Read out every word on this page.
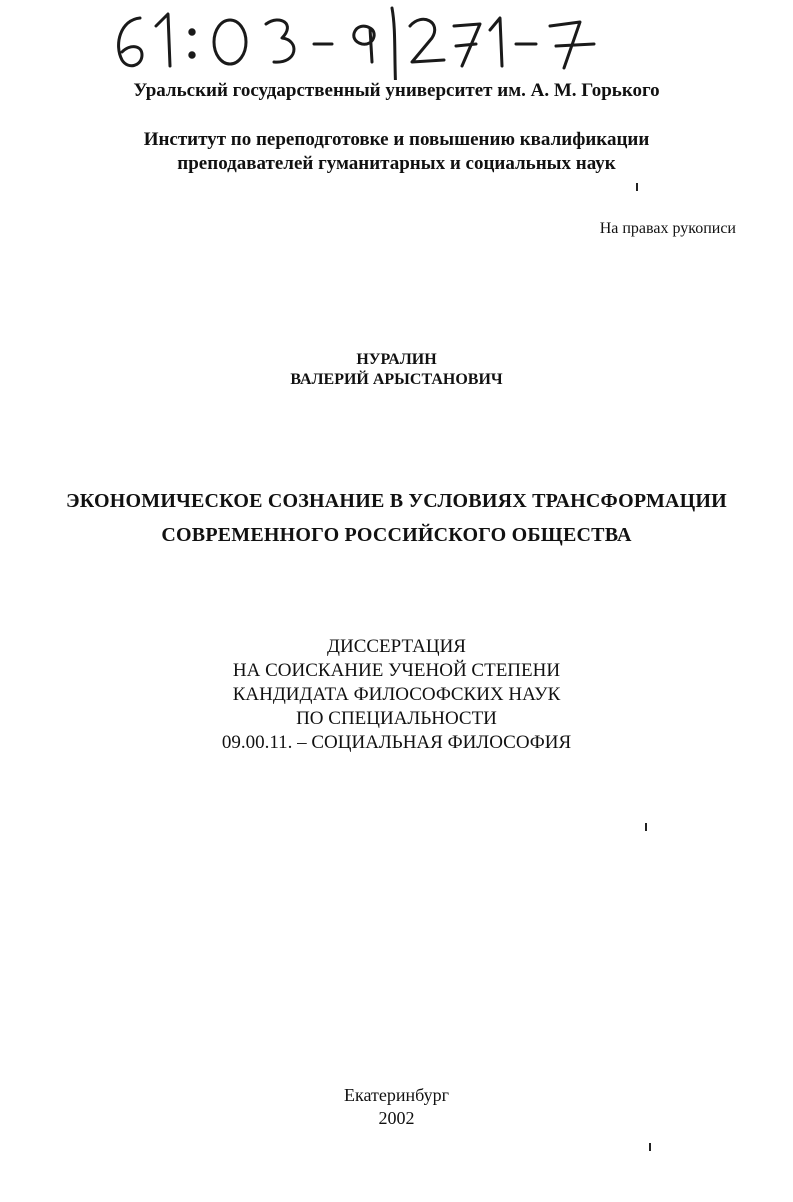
Уральский государственный университет им. А. М. Горького
Институт по переподготовке и повышению квалификации
преподавателей гуманитарных и социальных наук
На правах рукописи
НУРАЛИН
ВАЛЕРИЙ АРЫСТАНОВИЧ
ЭКОНОМИЧЕСКОЕ СОЗНАНИЕ В УСЛОВИЯХ ТРАНСФОРМАЦИИ
СОВРЕМЕННОГО РОССИЙСКОГО ОБЩЕСТВА
ДИССЕРТАЦИЯ
НА СОИСКАНИЕ УЧЕНОЙ СТЕПЕНИ
КАНДИДАТА ФИЛОСОФСКИХ НАУК
ПО СПЕЦИАЛЬНОСТИ
09.00.11. – СОЦИАЛЬНАЯ ФИЛОСОФИЯ
Екатеринбург
2002
